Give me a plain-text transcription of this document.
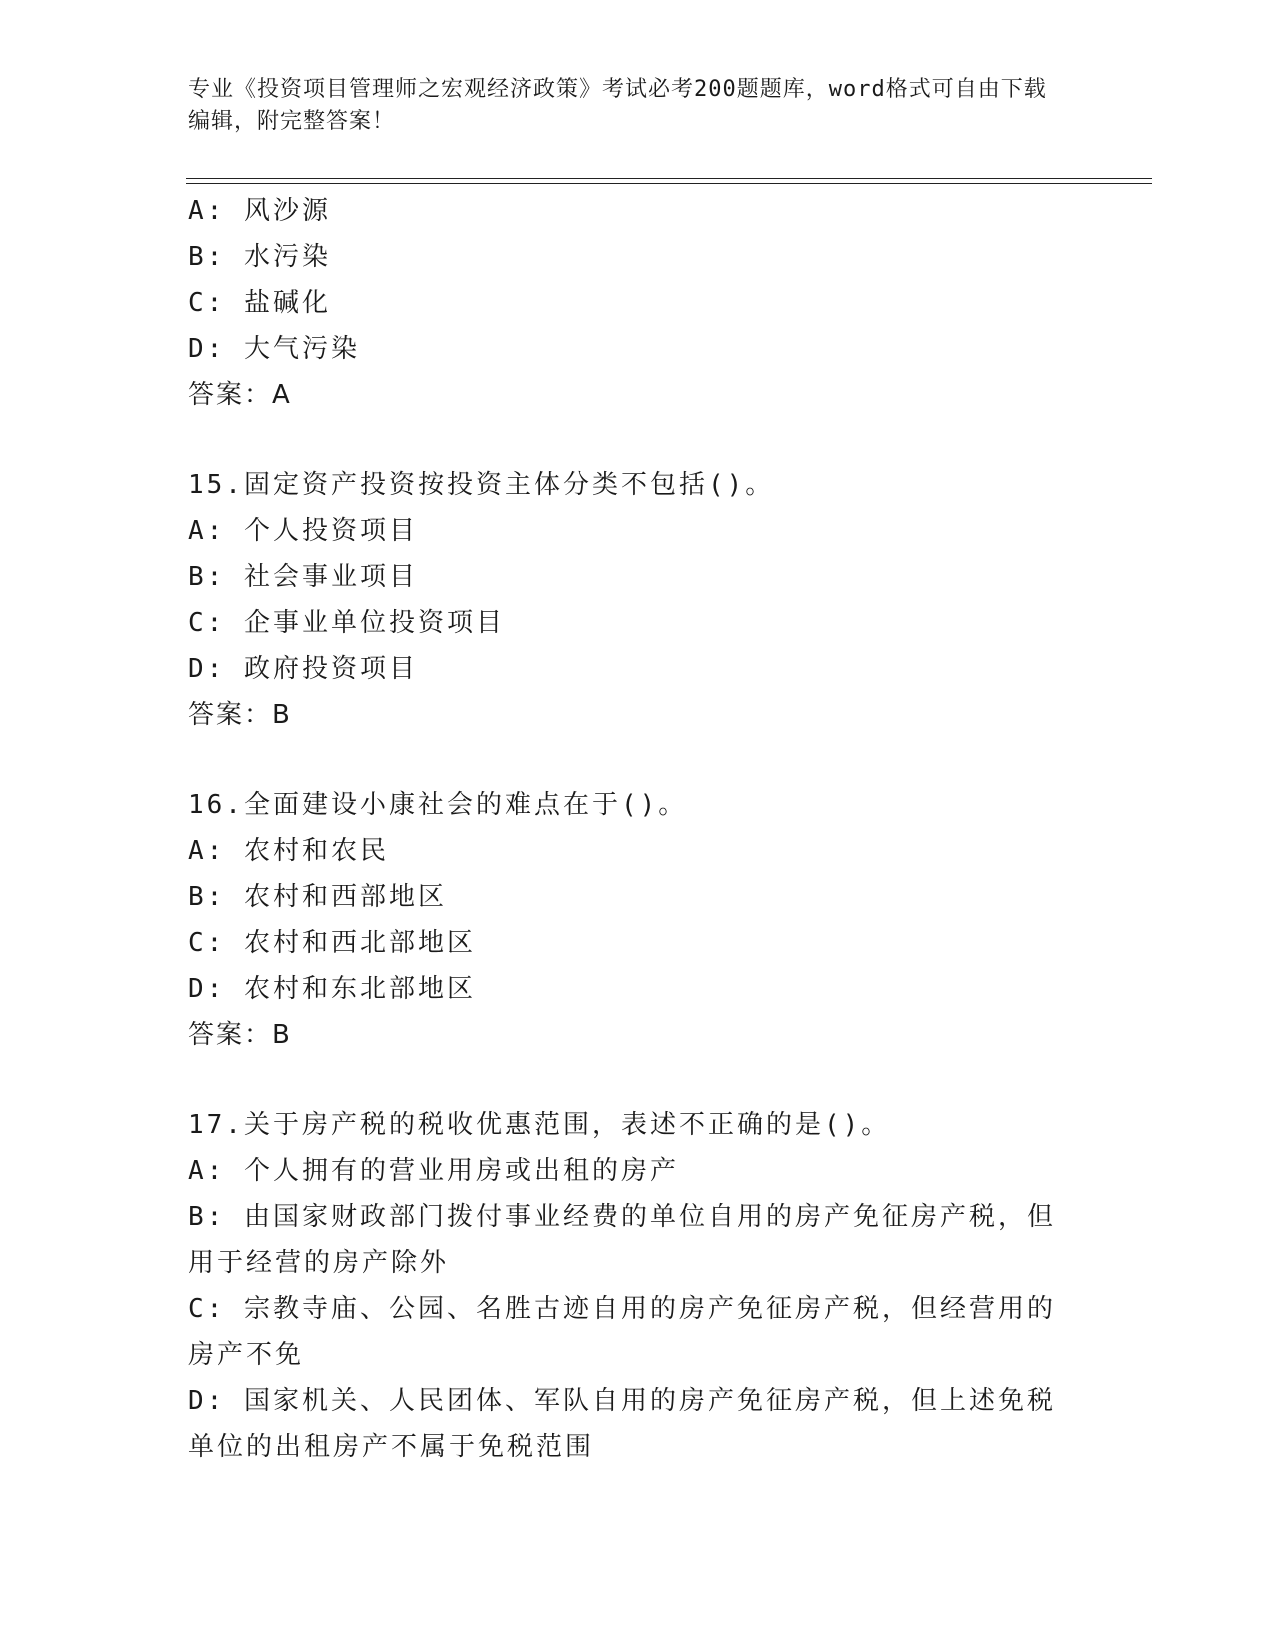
专业《投资项目管理师之宏观经济政策》考试必考200题题库，word格式可自由下载编辑，附完整答案！
A: 风沙源
B: 水污染
C: 盐碱化
D: 大气污染
答案：A
15.固定资产投资按投资主体分类不包括()。
A: 个人投资项目
B: 社会事业项目
C: 企事业单位投资项目
D: 政府投资项目
答案：B
16.全面建设小康社会的难点在于()。
A: 农村和农民
B: 农村和西部地区
C: 农村和西北部地区
D: 农村和东北部地区
答案：B
17.关于房产税的税收优惠范围，表述不正确的是()。
A: 个人拥有的营业用房或出租的房产
B: 由国家财政部门拨付事业经费的单位自用的房产免征房产税，但用于经营的房产除外
C: 宗教寺庙、公园、名胜古迹自用的房产免征房产税，但经营用的房产不免
D: 国家机关、人民团体、军队自用的房产免征房产税，但上述免税单位的出租房产不属于免税范围
